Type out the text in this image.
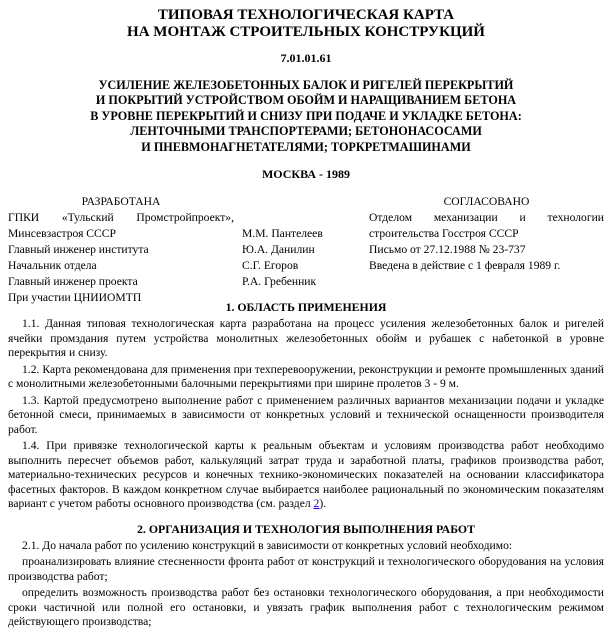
ТИПОВАЯ ТЕХНОЛОГИЧЕСКАЯ КАРТА
НА МОНТАЖ СТРОИТЕЛЬНЫХ КОНСТРУКЦИЙ
7.01.01.61
УСИЛЕНИЕ ЖЕЛЕЗОБЕТОННЫХ БАЛОК И РИГЕЛЕЙ ПЕРЕКРЫТИЙ
И ПОКРЫТИЙ УСТРОЙСТВОМ ОБОЙМ И НАРАЩИВАНИЕМ БЕТОНА
В УРОВНЕ ПЕРЕКРЫТИЙ И СНИЗУ ПРИ ПОДАЧЕ И УКЛАДКЕ БЕТОНА:
ЛЕНТОЧНЫМИ ТРАНСПОРТЕРАМИ; БЕТОНОНАСОСАМИ
И ПНЕВМОНАГНЕТАТЕЛЯМИ; ТОРКРЕТМАШИНАМИ
МОСКВА - 1989
РАЗРАБОТАНА
ГПКИ «Тульский Промстройпроект»,
Минсевзастроя СССР
Главный инженер института
Начальник отдела
Главный инженер проекта
При участии ЦНИИОМТП

М.М. Пантелеев
Ю.А. Данилин
С.Г. Егоров
Р.А. Гребенник
СОГЛАСОВАНО
Отделом механизации и технологии
строительства Госстроя СССР
Письмо от 27.12.1988 № 23-737
Введена в действие с 1 февраля 1989 г.
1. ОБЛАСТЬ ПРИМЕНЕНИЯ

1.1. Данная типовая технологическая карта разработана на процесс усиления железобетонных балок и ригелей ячейки промздания путем устройства монолитных железобетонных обойм и рубашек с набетонкой в уровне перекрытия и снизу.

1.2. Карта рекомендована для применения при техперевооружении, реконструкции и ремонте промышленных зданий с монолитными железобетонными балочными перекрытиями при ширине пролетов 3 - 9 м.

1.3. Картой предусмотрено выполнение работ с применением различных вариантов механизации подачи и укладке бетонной смеси, принимаемых в зависимости от конкретных условий и технической оснащенности производителя работ.

1.4. При привязке технологической карты к реальным объектам и условиям производства работ необходимо выполнить пересчет объемов работ, калькуляций затрат труда и заработной платы, графиков производства работ, материально-технических ресурсов и конечных технико-экономических показателей на основании классификатора фасетных факторов. В каждом конкретном случае выбирается наиболее рациональный по экономическим показателям вариант с учетом работы основного производства (см. раздел 2).

2. ОРГАНИЗАЦИЯ И ТЕХНОЛОГИЯ ВЫПОЛНЕНИЯ РАБОТ

2.1. До начала работ по усилению конструкций в зависимости от конкретных условий необходимо:

проанализировать влияние стесненности фронта работ от конструкций и технологического оборудования на условия производства работ;

определить возможность производства работ без остановки технологического оборудования, а при необходимости сроки частичной или полной его остановки, и увязать график выполнения работ с технологическим режимом действующего производства;
